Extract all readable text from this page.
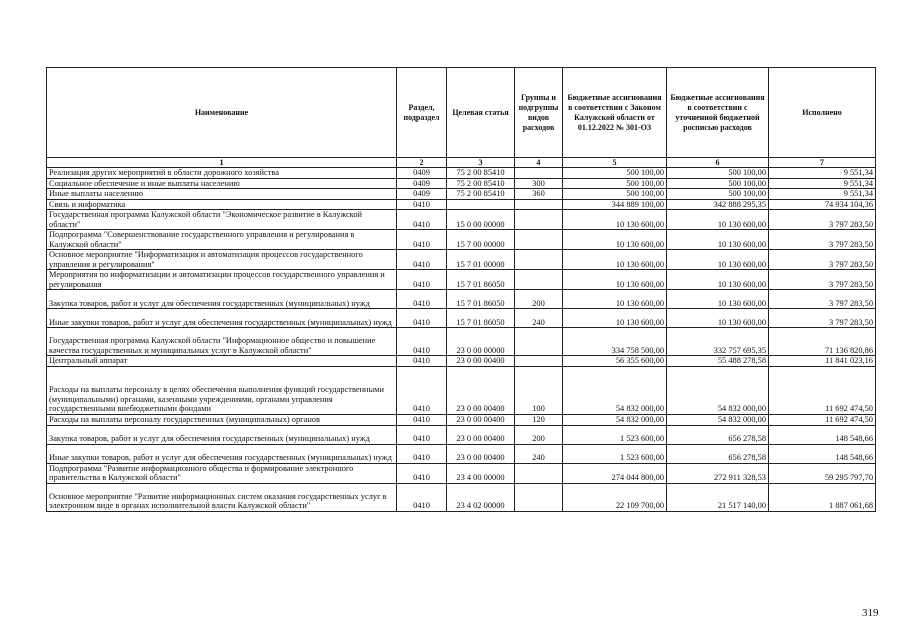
Наименование	Раздел, подраздел	Целевая статья	Группы и подгруппы видов расходов	Бюджетные ассигнования в соответствии с Законом Калужской области от 01.12.2022 № 301-ОЗ	Бюджетные ассигнования в соответствии с уточненной бюджетной росписью расходов	Исполнено
1	2	3	4	5	6	7
Реализация других мероприятий в области дорожного хозяйства	0409	75 2 00 85410		500 100,00	500 100,00	9 551,34
Социальное обеспечение и иные выплаты населению	0409	75 2 00 85410	300	500 100,00	500 100,00	9 551,34
Иные выплаты населению	0409	75 2 00 85410	360	500 100,00	500 100,00	9 551,34
Связь и информатика	0410			344 889 100,00	342 888 295,35	74 934 104,36
Государственная программа Калужской области "Экономическое развитие в Калужской области"	0410	15 0 00 00000		10 130 600,00	10 130 600,00	3 797 283,50
Подпрограмма "Совершенствование государственного управления и регулирования в Калужской области"	0410	15 7 00 00000		10 130 600,00	10 130 600,00	3 797 283,50
Основное мероприятие "Информатизация и автоматизация процессов государственного управления и регулирования"	0410	15 7 01 00000		10 130 600,00	10 130 600,00	3 797 283,50
Мероприятия по информатизации и автоматизации процессов государственного управления и регулирования	0410	15 7 01 86050		10 130 600,00	10 130 600,00	3 797 283,50
Закупка товаров, работ и услуг для обеспечения государственных (муниципальных) нужд	0410	15 7 01 86050	200	10 130 600,00	10 130 600,00	3 797 283,50
Иные закупки товаров, работ и услуг для обеспечения государственных (муниципальных) нужд	0410	15 7 01 86050	240	10 130 600,00	10 130 600,00	3 797 283,50
Государственная программа Калужской области "Информационное общество и повышение качества государственных и муниципальных услуг в Калужской области"	0410	23 0 00 00000		334 758 500,00	332 757 695,35	71 136 820,86
Центральный аппарат	0410	23 0 00 00400		56 355 600,00	55 488 278,58	11 841 023,16
Расходы на выплаты персоналу в целях обеспечения выполнения функций государственными (муниципальными) органами, казенными учреждениями, органами управления государственными внебюджетными фондами	0410	23 0 00 00400	100	54 832 000,00	54 832 000,00	11 692 474,50
Расходы на выплаты персоналу государственных (муниципальных) органов	0410	23 0 00 00400	120	54 832 000,00	54 832 000,00	11 692 474,50
Закупка товаров, работ и услуг для обеспечения государственных (муниципальных) нужд	0410	23 0 00 00400	200	1 523 600,00	656 278,58	148 548,66
Иные закупки товаров, работ и услуг для обеспечения государственных (муниципальных) нужд	0410	23 0 00 00400	240	1 523 600,00	656 278,58	148 548,66
Подпрограмма "Развитие информационного общества и формирование электронного правительства в Калужской области"	0410	23 4 00 00000		274 044 800,00	272 911 328,53	59 295 797,70
Основное мероприятие "Развитие информационных систем оказания государственных услуг в электронном виде в органах исполнительной власти Калужской области"	0410	23 4 02 00000		22 109 700,00	21 517 140,00	1 887 061,68
319
